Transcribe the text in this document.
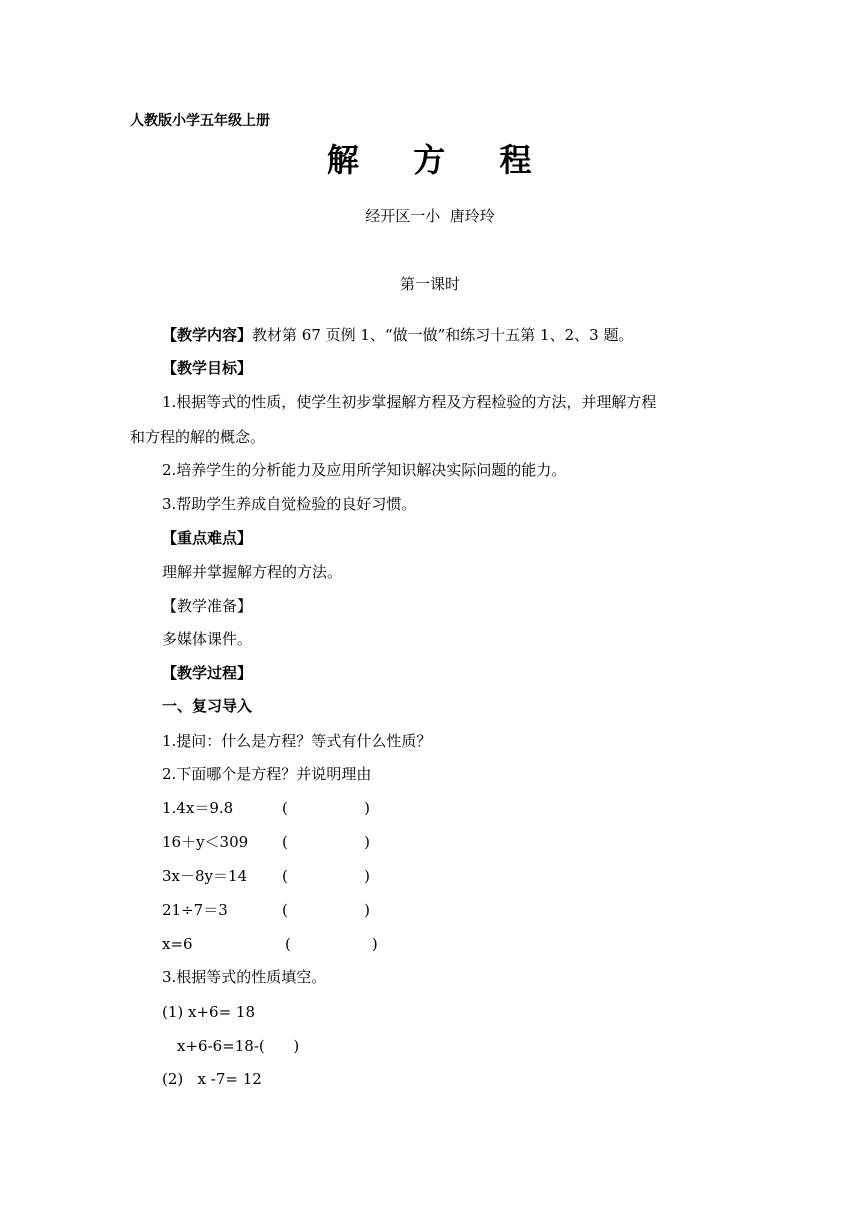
人教版小学五年级上册
解 方 程
经开区一小  唐玲玲
第一课时
【教学内容】教材第 67 页例 1、“做一做”和练习十五第 1、2、3 题。
【教学目标】
1.根据等式的性质，使学生初步掌握解方程及方程检验的方法，并理解方程
和方程的解的概念。
2.培养学生的分析能力及应用所学知识解决实际问题的能力。
3.帮助学生养成自觉检验的良好习惯。
【重点难点】
理解并掌握解方程的方法。
【教学准备】
多媒体课件。
【教学过程】
一、复习导入
1.提问：什么是方程？等式有什么性质？
2.下面哪个是方程？并说明理由
1.4x＝9.8	(                )
16＋y＜309 (                )
3x－8y＝14 (                )
21÷7＝3	(                )
x=6	(                 )
3.根据等式的性质填空。
(1) x+6= 18
x+6-6=18-(      )
(2)   x -7= 12
